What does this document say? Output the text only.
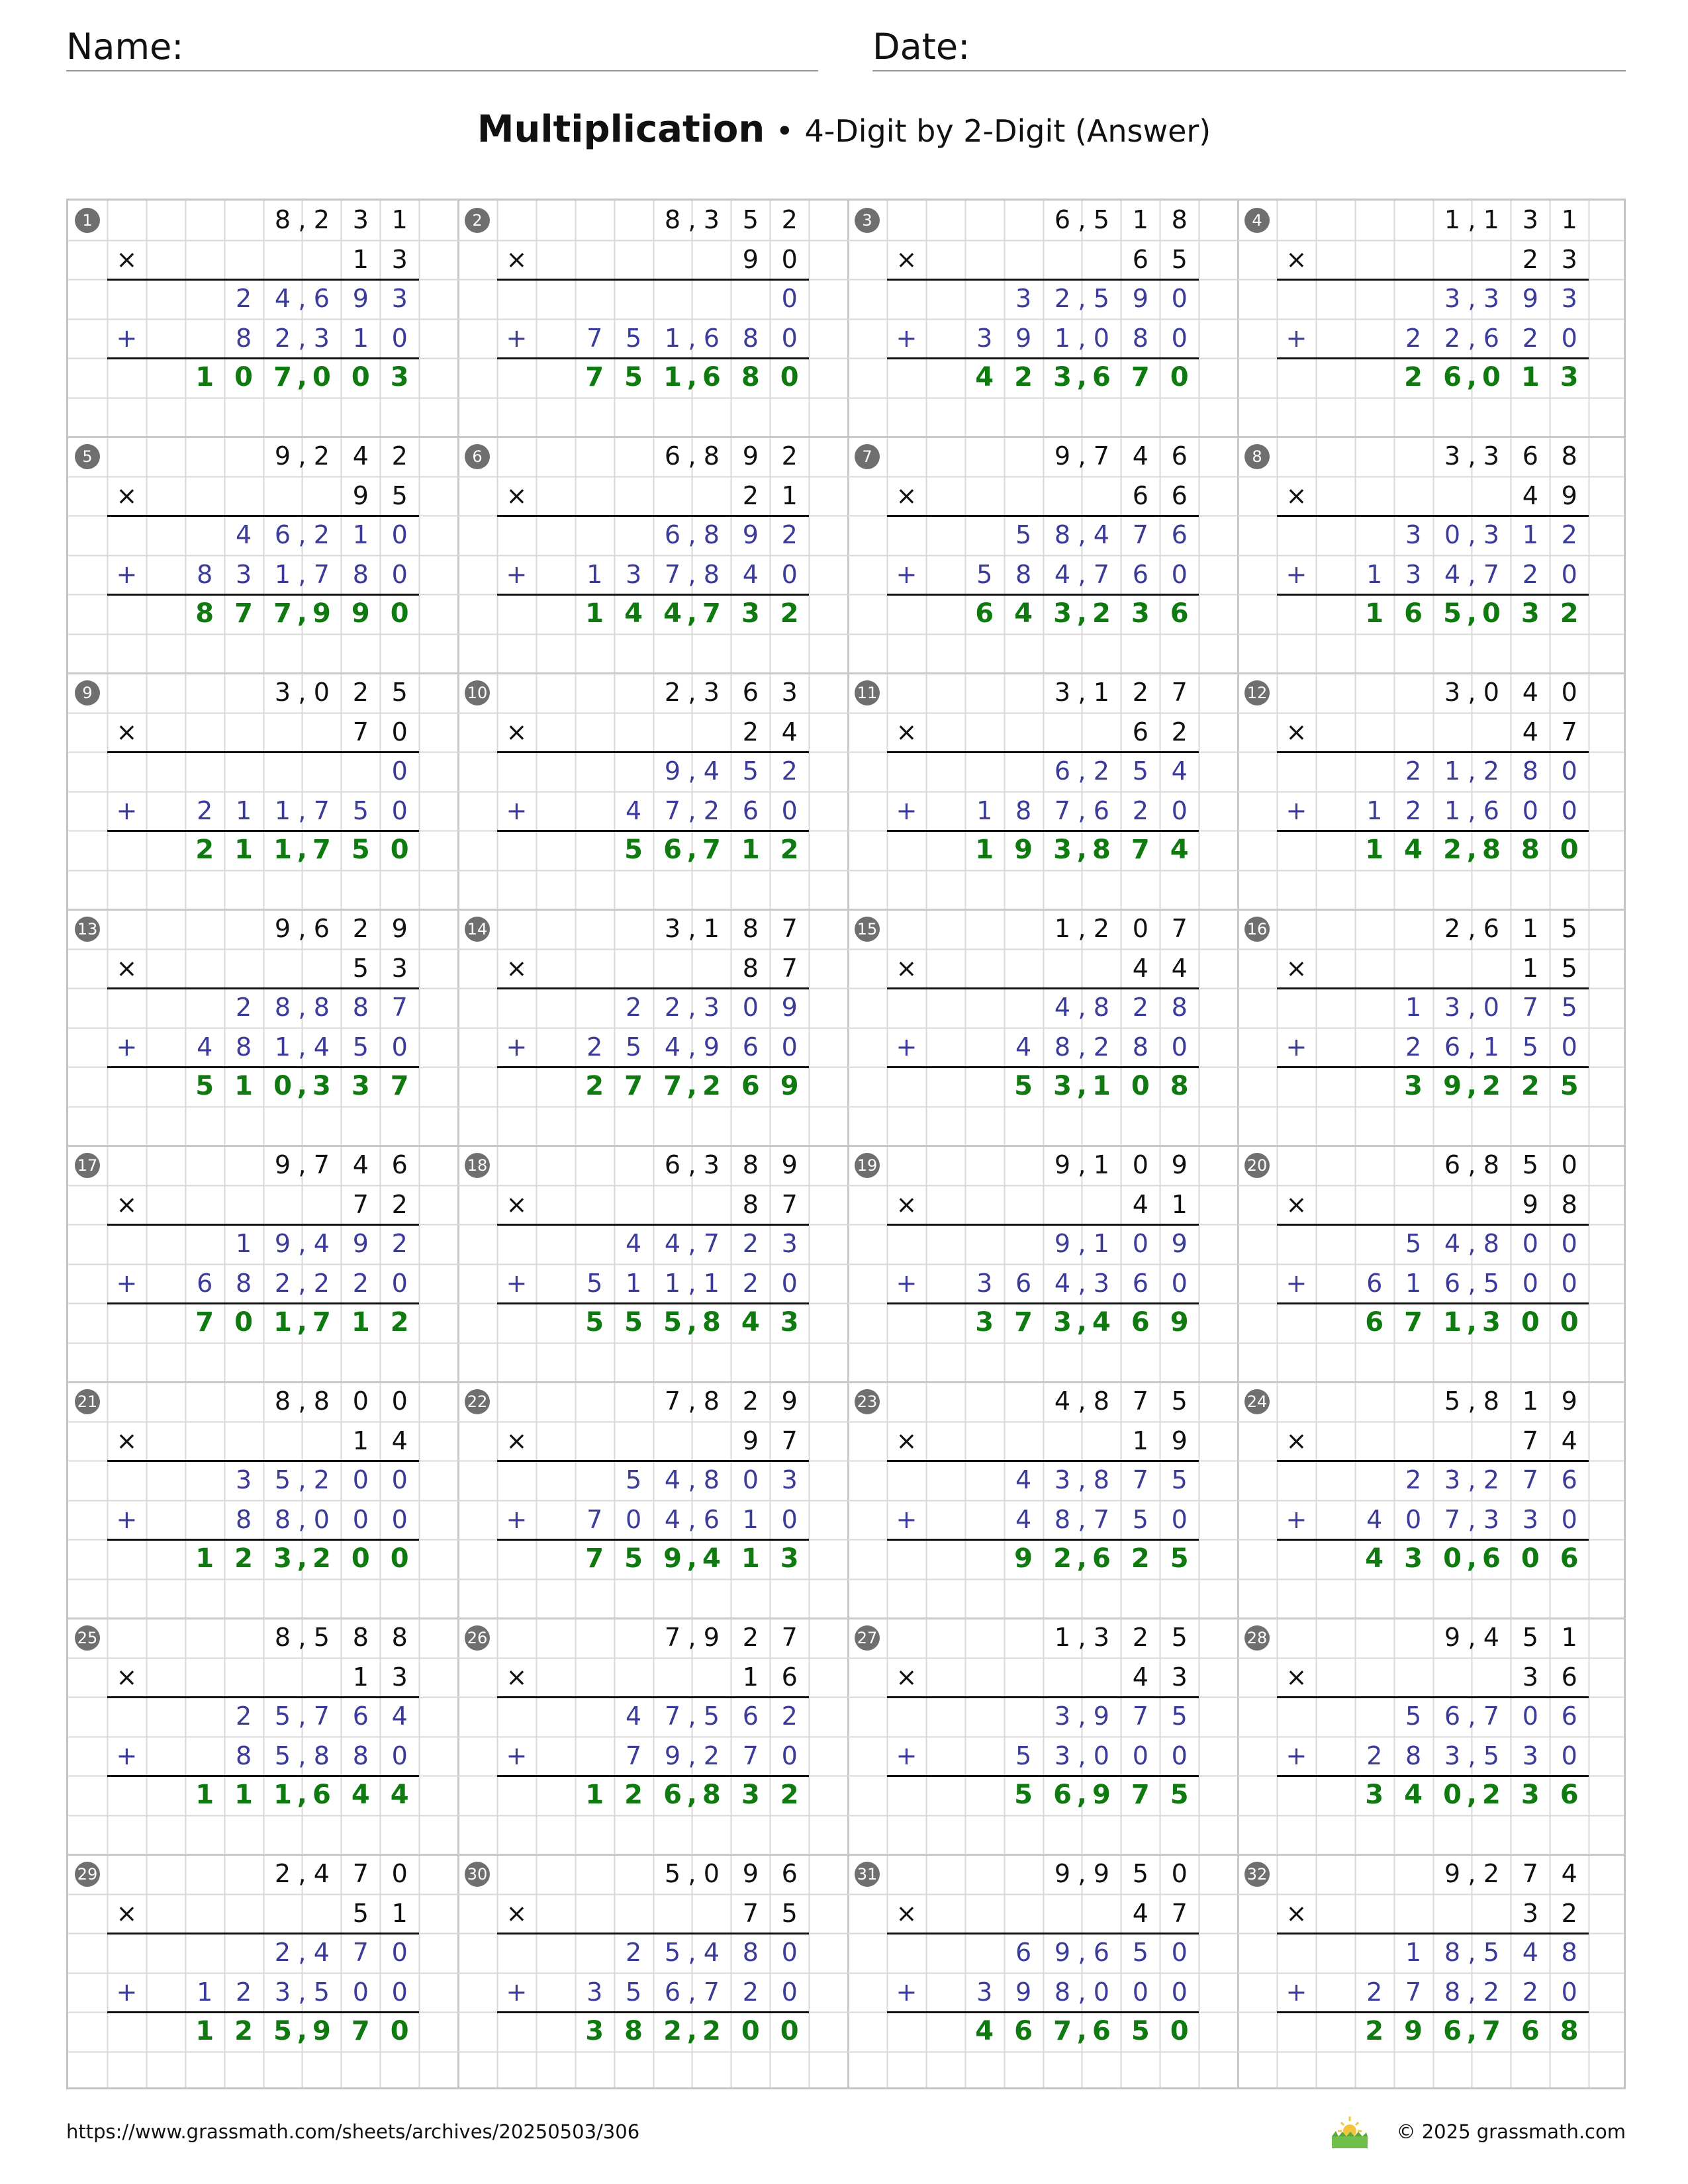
Name:	Date:
Multiplication • 4-Digit by 2-Digit (Answer)
1	8 2 3 1
,
×	1 3
2 4 6 9 3
,
+	8 2 3 1 0
,
1 0 7 0 0 3
,
2	8 3 5 2
,
×	9 0
0
+	7 5 1 6 8 0
,
7 5 1 6 8 0
,
3	6 5 1 8
,
×	6 5
3 2 5 9 0
,
+	3 9 1 0 8 0
,
4 2 3 6 7 0
,
4	1 1 3 1
,
×	2 3
3 3 9 3
,
+	2 2 6 2 0
,
2 6 0 1 3
,
5	9 2 4 2
,
×	9 5
4 6 2 1 0
,
+	8 3 1 7 8 0
,
8 7 7 9 9 0
,
6	6 8 9 2
,
×	2 1
6 8 9 2
,
+	1 3 7 8 4 0
,
1 4 4 7 3 2
,
7	9 7 4 6
,
×	6 6
5 8 4 7 6
,
+	5 8 4 7 6 0
,
6 4 3 2 3 6
,
8	3 3 6 8
,
×	4 9
3 0 3 1 2
,
+	1 3 4 7 2 0
,
1 6 5 0 3 2
,
9	3 0 2 5
,
×	7 0
0
+	2 1 1 7 5 0
,
2 1 1 7 5 0
,
10	2 3 6 3
,
×	2 4
9 4 5 2
,
+	4 7 2 6 0
,
5 6 7 1 2
,
11	3 1 2 7
,
×	6 2
6 2 5 4
,
+	1 8 7 6 2 0
,
1 9 3 8 7 4
,
12	3 0 4 0
,
×	4 7
2 1 2 8 0
,
+	1 2 1 6 0 0
,
1 4 2 8 8 0
,
13	9 6 2 9
,
×	5 3
2 8 8 8 7
,
+	4 8 1 4 5 0
,
5 1 0 3 3 7
,
14	3 1 8 7
,
×	8 7
2 2 3 0 9
,
+	2 5 4 9 6 0
,
2 7 7 2 6 9
,
15	1 2 0 7
,
×	4 4
4 8 2 8
,
+	4 8 2 8 0
,
5 3 1 0 8
,
16	2 6 1 5
,
×	1 5
1 3 0 7 5
,
+	2 6 1 5 0
,
3 9 2 2 5
,
17	9 7 4 6
,
×	7 2
1 9 4 9 2
,
+	6 8 2 2 2 0
,
7 0 1 7 1 2
,
18	6 3 8 9
,
×	8 7
4 4 7 2 3
,
+	5 1 1 1 2 0
,
5 5 5 8 4 3
,
19	9 1 0 9
,
×	4 1
9 1 0 9
,
+	3 6 4 3 6 0
,
3 7 3 4 6 9
,
20	6 8 5 0
,
×	9 8
5 4 8 0 0
,
+	6 1 6 5 0 0
,
6 7 1 3 0 0
,
21	8 8 0 0
,
×	1 4
3 5 2 0 0
,
+	8 8 0 0 0
,
1 2 3 2 0 0
,
22	7 8 2 9
,
×	9 7
5 4 8 0 3
,
+	7 0 4 6 1 0
,
7 5 9 4 1 3
,
23	4 8 7 5
,
×	1 9
4 3 8 7 5
,
+	4 8 7 5 0
,
9 2 6 2 5
,
24	5 8 1 9
,
×	7 4
2 3 2 7 6
,
+	4 0 7 3 3 0
,
4 3 0 6 0 6
,
25	8 5 8 8
,
×	1 3
2 5 7 6 4
,
+	8 5 8 8 0
,
1 1 1 6 4 4
,
26	7 9 2 7
,
×	1 6
4 7 5 6 2
,
+	7 9 2 7 0
,
1 2 6 8 3 2
,
27	1 3 2 5
,
×	4 3
3 9 7 5
,
+	5 3 0 0 0
,
5 6 9 7 5
,
28	9 4 5 1
,
×	3 6
5 6 7 0 6
,
+	2 8 3 5 3 0
,
3 4 0 2 3 6
,
29	2 4 7 0
,
×	5 1
2 4 7 0
,
+	1 2 3 5 0 0
,
1 2 5 9 7 0
,
30	5 0 9 6
,
×	7 5
2 5 4 8 0
,
+	3 5 6 7 2 0
,
3 8 2 2 0 0
,
31	9 9 5 0
,
×	4 7
6 9 6 5 0
,
+	3 9 8 0 0 0
,
4 6 7 6 5 0
,
32	9 2 7 4
,
×	3 2
1 8 5 4 8
,
+	2 7 8 2 2 0
,
2 9 6 7 6 8
,
https://www.grassmath.com/sheets/archives/20250503/306	© 2025 grassmath.com
